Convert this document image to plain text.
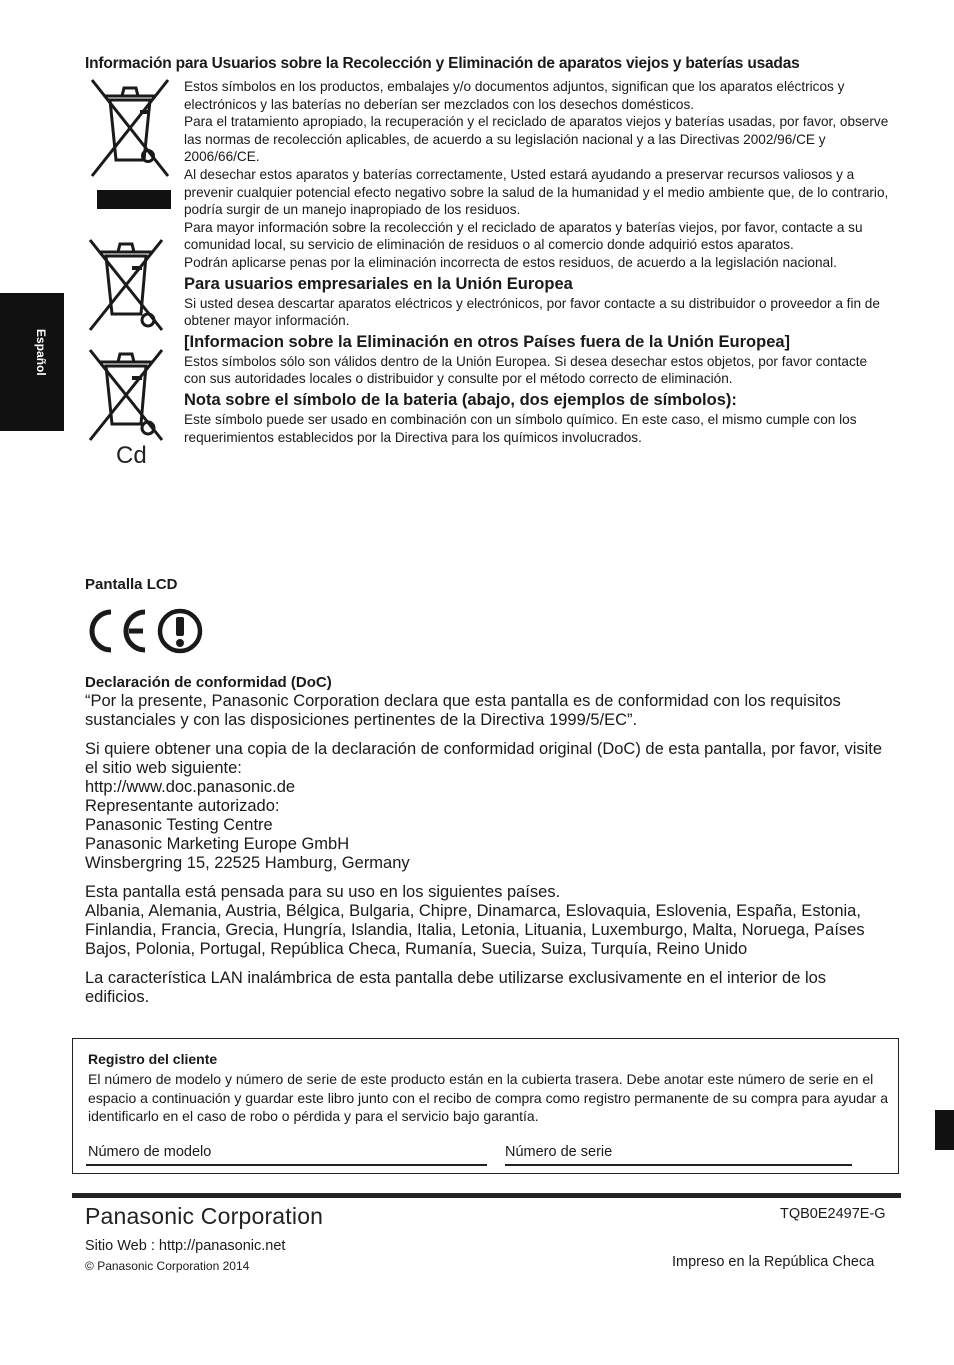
Español
Información para Usuarios sobre la Recolección y Eliminación de aparatos viejos y baterías usadas
Cd

Estos símbolos en los productos, embalajes y/o documentos adjuntos, significan que los aparatos eléctricos y electrónicos y las baterías no deberían ser mezclados con los desechos domésticos.

Para el tratamiento apropiado, la recuperación y el reciclado de aparatos viejos y baterías usadas, por favor, observe las normas de recolección aplicables, de acuerdo a su legislación nacional y a las Directivas 2002/96/CE y 2006/66/CE.

Al desechar estos aparatos y baterías correctamente, Usted estará ayudando a preservar recursos valiosos y a prevenir cualquier potencial efecto negativo sobre la salud de la humanidad y el medio ambiente que, de lo contrario, podría surgir de un manejo inapropiado de los residuos.

Para mayor información sobre la recolección y el reciclado de aparatos y baterías viejos, por favor, contacte a su comunidad local, su servicio de eliminación de residuos o al comercio donde adquirió estos aparatos.

Podrán aplicarse penas por la eliminación incorrecta de estos residuos, de acuerdo a la legislación nacional.

Para usuarios empresariales en la Unión Europea

Si usted desea descartar aparatos eléctricos y electrónicos, por favor contacte a su distribuidor o proveedor a fin de obtener mayor información.

[Informacion sobre la Eliminación en otros Países fuera de la Unión Europea]

Estos símbolos sólo son válidos dentro de la Unión Europea. Si desea desechar estos objetos, por favor contacte con sus autoridades locales o distribuidor y consulte por el método correcto de eliminación.

Nota sobre el símbolo de la bateria (abajo, dos ejemplos de símbolos):

Este símbolo puede ser usado en combinación con un símbolo químico. En este caso, el mismo cumple con los requerimientos establecidos por la Directiva para los químicos involucrados.

Pantalla LCD

Declaración de conformidad (DoC)

“Por la presente, Panasonic Corporation declara que esta pantalla es de conformidad con los requisitos sustanciales y con las disposiciones pertinentes de la Directiva 1999/5/EC”.

Si quiere obtener una copia de la declaración de conformidad original (DoC) de esta pantalla, por favor, visite el sitio web siguiente:

http://www.doc.panasonic.de
Representante autorizado:
Panasonic Testing Centre
Panasonic Marketing Europe GmbH

Winsbergring 15, 22525 Hamburg, Germany

Esta pantalla está pensada para su uso en los siguientes países.

Albania, Alemania, Austria, Bélgica, Bulgaria, Chipre, Dinamarca, Eslovaquia, Eslovenia, España, Estonia, Finlandia, Francia, Grecia, Hungría, Islandia, Italia, Letonia, Lituania, Luxemburgo, Malta, Noruega, Países Bajos, Polonia, Portugal, República Checa, Rumanía, Suecia, Suiza, Turquía, Reino Unido

La característica LAN inalámbrica de esta pantalla debe utilizarse exclusivamente en el interior de los edificios.

Registro del cliente
El número de modelo y número de serie de este producto están en la cubierta trasera. Debe anotar este número de serie en el espacio a continuación y guardar este libro junto con el recibo de compra como registro permanente de su compra para ayudar a identificarlo en el caso de robo o pérdida y para el servicio bajo garantía.
Número de modelo	Número de serie
Panasonic Corporation	TQB0E2497E-G
Sitio Web : http://panasonic.net
© Panasonic Corporation 2014	Impreso en la República Checa
